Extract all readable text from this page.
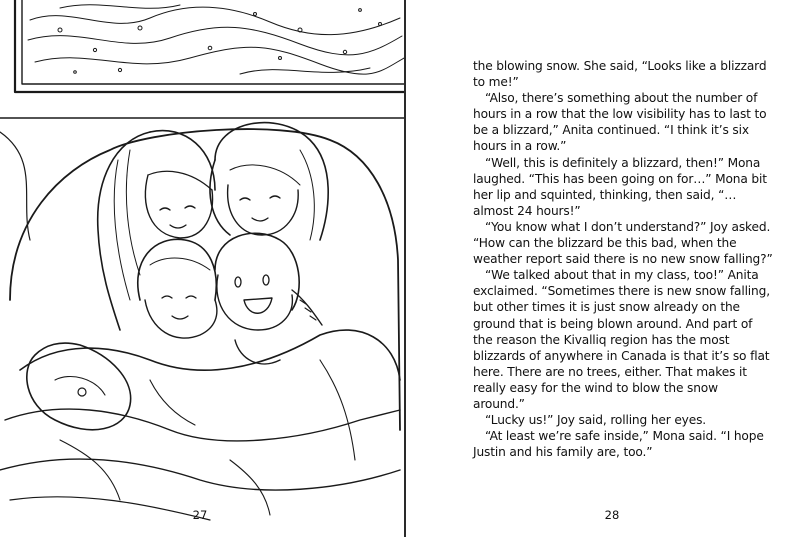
27

the blowing snow. She said, “Looks like a blizzard to me!”

“Also, there’s something about the number of hours in a row that the low visibility has to last to be a blizzard,” Anita continued. “I think it’s six hours in a row.”

“Well, this is definitely a blizzard, then!” Mona laughed. “This has been going on for…” Mona bit her lip and squinted, thinking, then said, “…almost 24 hours!”

“You know what I don’t understand?” Joy asked. “How can the blizzard be this bad, when the weather report said there is no new snow falling?”

“We talked about that in my class, too!” Anita exclaimed. “Sometimes there is new snow falling, but other times it is just snow already on the ground that is being blown around. And part of the reason the Kivalliq region has the most blizzards of anywhere in Canada is that it’s so flat here. There are no trees, either. That makes it really easy for the wind to blow the snow around.”

“Lucky us!” Joy said, rolling her eyes.

“At least we’re safe inside,” Mona said. “I hope Justin and his family are, too.”

28
